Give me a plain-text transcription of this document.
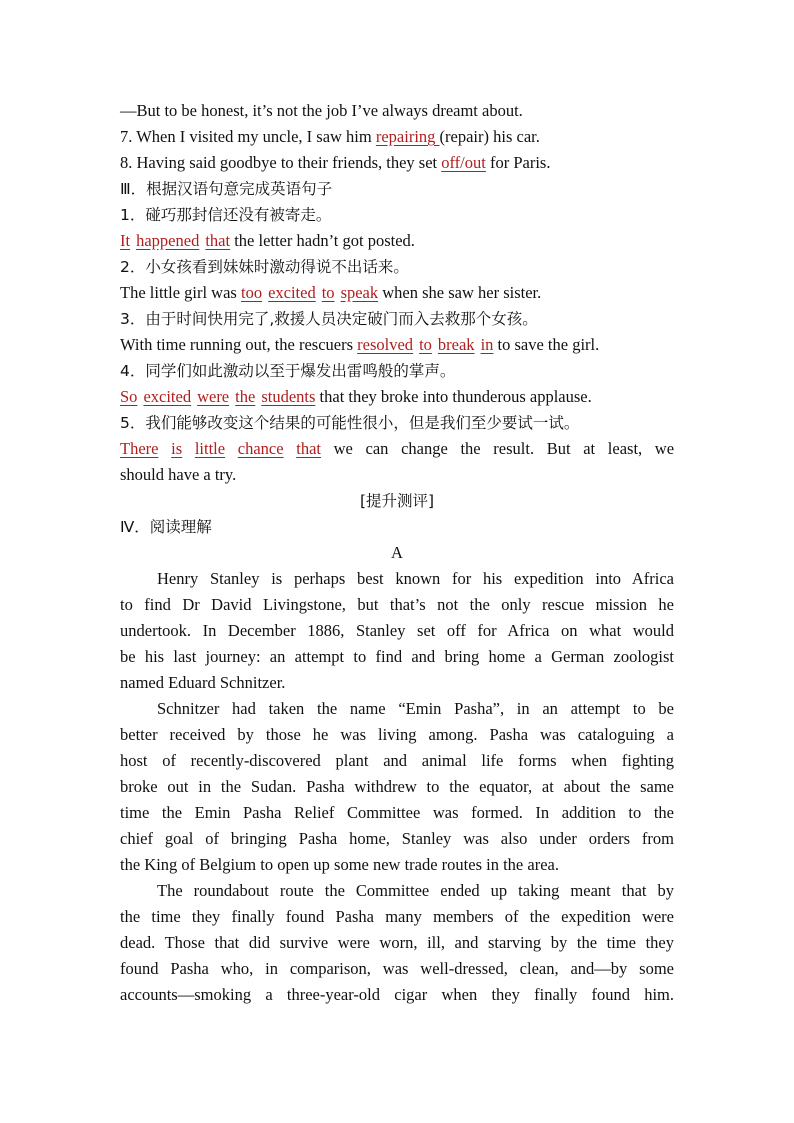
—But to be honest, it’s not the job I’ve always dreamt about.
7. When I visited my uncle, I saw him repairing (repair) his car.
8. Having said goodbye to their friends, they set off/out for Paris.
Ⅲ．根据汉语句意完成英语句子
1．碰巧那封信还没有被寄走。
It happened that the letter hadn’t got posted.
2．小女孩看到妹妹时激动得说不出话来。
The little girl was too excited to speak when she saw her sister.
3．由于时间快用完了,救援人员决定破门而入去救那个女孩。
With time running out, the rescuers resolved to break in to save the girl.
4．同学们如此激动以至于爆发出雷鸣般的掌声。
So excited were the students that they broke into thunderous applause.
5．我们能够改变这个结果的可能性很小，但是我们至少要试一试。
There is little chance that we can change the result. But at least, we
should have a try.
[提升测评]
Ⅳ．阅读理解
A
Henry Stanley is perhaps best known for his expedition into Africa
to find Dr David Livingstone, but that’s not the only rescue mission he
undertook. In December 1886, Stanley set off for Africa on what would
be his last journey: an attempt to find and bring home a German zoologist
named Eduard Schnitzer.
Schnitzer had taken the name “Emin Pasha”, in an attempt to be
better received by those he was living among. Pasha was cataloguing a
host of recently-discovered plant and animal life forms when fighting
broke out in the Sudan. Pasha withdrew to the equator, at about the same
time the Emin Pasha Relief Committee was formed. In addition to the
chief goal of bringing Pasha home, Stanley was also under orders from
the King of Belgium to open up some new trade routes in the area.
The roundabout route the Committee ended up taking meant that by
the time they finally found Pasha many members of the expedition were
dead. Those that did survive were worn, ill, and starving by the time they
found Pasha who, in comparison, was well-dressed, clean, and—by some
accounts—smoking a three-year-old cigar when they finally found him.
